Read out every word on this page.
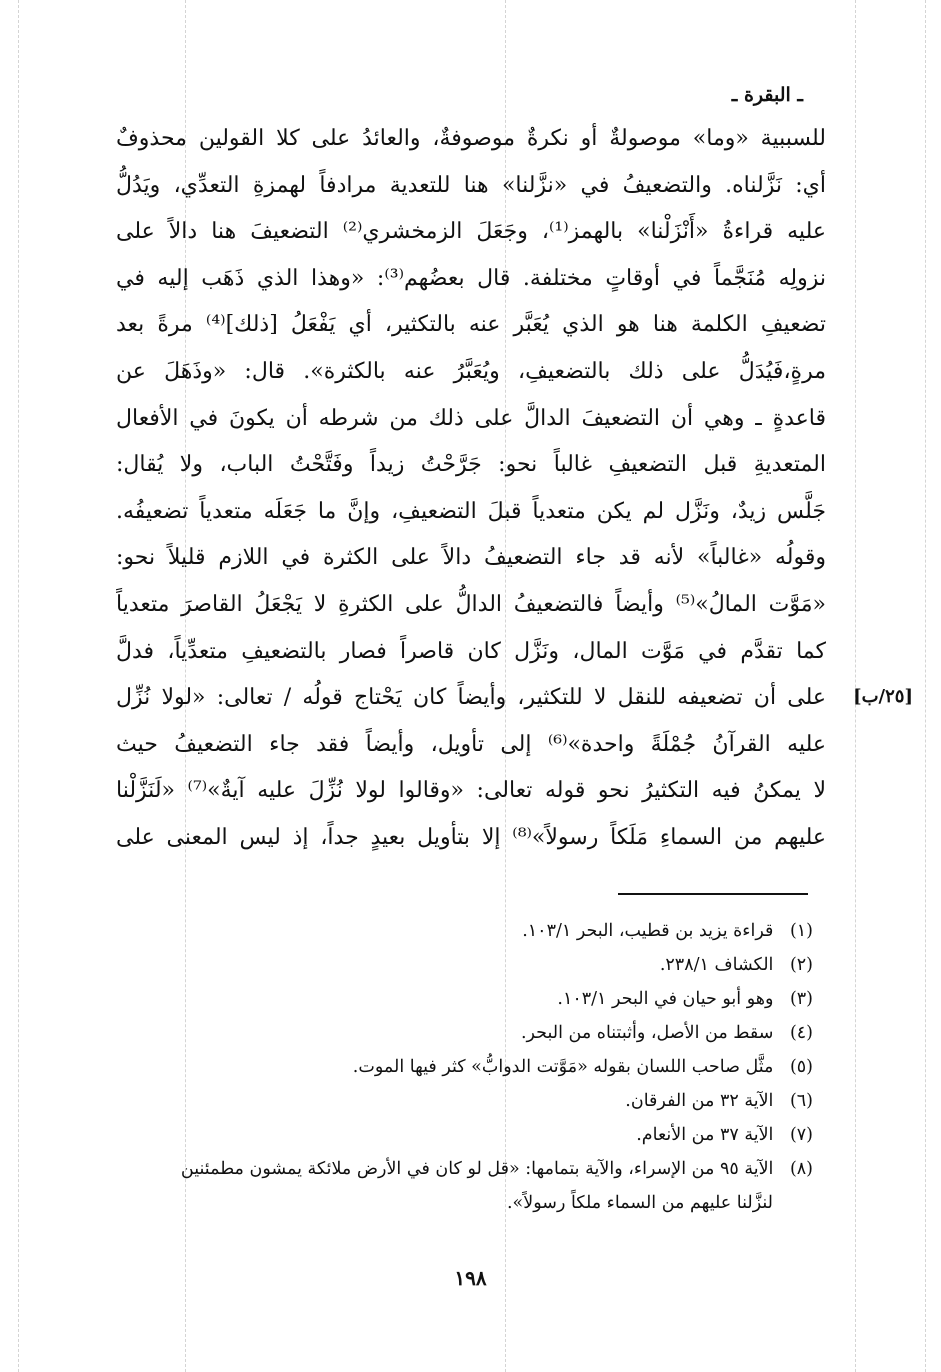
ـ البقرة ـ
[٢٥/ب]
للسببية «وما» موصولةٌ أو نكرةٌ موصوفةٌ، والعائدُ على كلا القولين محذوفٌ
أي: نَزَّلناه. والتضعيفُ في «نزَّلنا» هنا للتعدية مرادفاً لهمزةِ التعدِّي، ويَدُلُّ
عليه قراءةُ «أَنْزَلْنا» بالهمز⁽¹⁾، وجَعَلَ الزمخشري⁽²⁾ التضعيفَ هنا دالاً على
نزولِه مُنَجَّماً في أوقاتٍ مختلفة. قال بعضُهم⁽³⁾: «وهذا الذي ذَهَب إليه في
تضعيفِ الكلمة هنا هو الذي يُعَبَّر عنه بالتكثير، أي يَفْعَلُ [ذلك]⁽⁴⁾ مرةً بعد
مرةٍ،فَيُدَلُّ على ذلك بالتضعيفِ، ويُعَبَّرُ عنه بالكثرة». قال: «وذَهَلَ عن
قاعدةٍ ـ وهي أن التضعيفَ الدالَّ على ذلك من شرطه أن يكونَ في الأفعال
المتعديةِ قبل التضعيفِ غالباً نحو: جَرَّحْتُ زيداً وفَتَّحْتُ الباب، ولا يُقال:
جَلَّس زيدٌ، ونَزَّل لم يكن متعدياً قبلَ التضعيفِ، وإنَّ ما جَعَلَه متعدياً تضعيفُه.
وقولُه «غالباً» لأنه قد جاء التضعيفُ دالاً على الكثرة في اللازم قليلاً نحو:
«مَوَّت المالُ»⁽⁵⁾ وأيضاً فالتضعيفُ الدالُّ على الكثرةِ لا يَجْعَلُ القاصرَ متعدياً
كما تقدَّم في مَوَّت المال، ونَزَّل كان قاصراً فصار بالتضعيفِ متعدِّياً، فدلَّ
على أن تضعيفه للنقل لا للتكثير، وأيضاً كان يَحْتاج قولُه / تعالى: «لولا نُزِّل
عليه القرآنُ جُمْلَةً واحدة»⁽⁶⁾ إلى تأويل، وأيضاً فقد جاء التضعيفُ حيث
لا يمكنُ فيه التكثيرُ نحو قوله تعالى: «وقالوا لولا نُزِّلَ عليه آيةٌ»⁽⁷⁾ «لَنَزَّلْنا
عليهم من السماءِ مَلَكاً رسولاً»⁽⁸⁾ إلا بتأويل بعيدٍ جداً، إذ ليس المعنى على
(١) قراءة يزيد بن قطيب، البحر ١٠٣/١.
(٢) الكشاف ٢٣٨/١.
(٣) وهو أبو حيان في البحر ١٠٣/١.
(٤) سقط من الأصل، وأثبتناه من البحر.
(٥) مثَّل صاحب اللسان بقوله «مَوَّتت الدوابُّ» كثر فيها الموت.
(٦) الآية ٣٢ من الفرقان.
(٧) الآية ٣٧ من الأنعام.
(٨) الآية ٩٥ من الإسراء، والآية بتمامها: «قل لو كان في الأرض ملائكة يمشون مطمئنين
لنزَّلنا عليهم من السماء ملكاً رسولاً».
١٩٨
